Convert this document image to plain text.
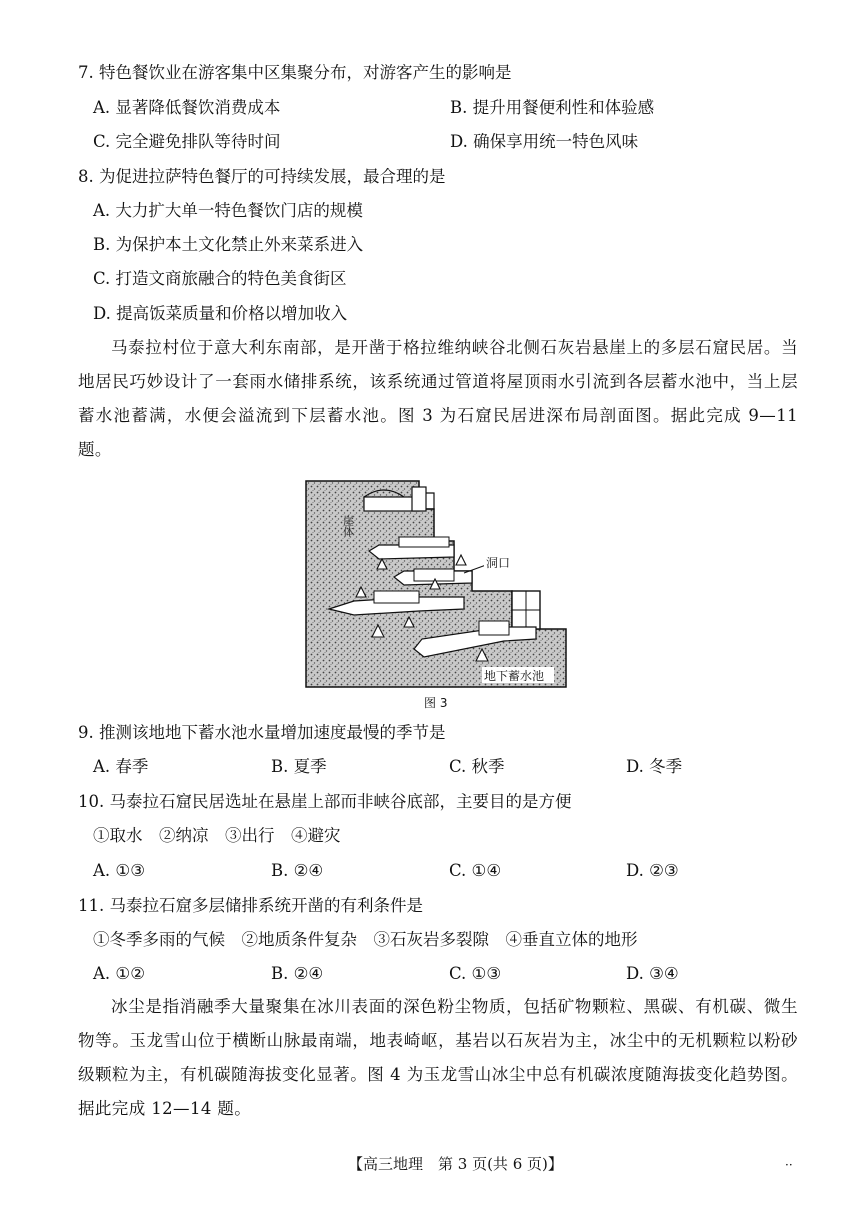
7. 特色餐饮业在游客集中区集聚分布，对游客产生的影响是
A. 显著降低餐饮消费成本	B. 提升用餐便利性和体验感
C. 完全避免排队等待时间	D. 确保享用统一特色风味
8. 为促进拉萨特色餐厅的可持续发展，最合理的是
A. 大力扩大单一特色餐饮门店的规模
B. 为保护本土文化禁止外来菜系进入
C. 打造文商旅融合的特色美食街区
D. 提高饭菜质量和价格以增加收入
马泰拉村位于意大利东南部，是开凿于格拉维纳峡谷北侧石灰岩悬崖上的多层石窟民居。当地居民巧妙设计了一套雨水储排系统，该系统通过管道将屋顶雨水引流到各层蓄水池中，当上层蓄水池蓄满，水便会溢流到下层蓄水池。图 3 为石窟民居进深布局剖面图。据此完成 9—11 题。
洞口
崖体
地下蓄水池
图 3
9. 推测该地地下蓄水池水量增加速度最慢的季节是
A. 春季	B. 夏季	C. 秋季	D. 冬季
10. 马泰拉石窟民居选址在悬崖上部而非峡谷底部，主要目的是方便
①取水　②纳凉　③出行　④避灾
A. ①③	B. ②④	C. ①④	D. ②③
11. 马泰拉石窟多层储排系统开凿的有利条件是
①冬季多雨的气候　②地质条件复杂　③石灰岩多裂隙　④垂直立体的地形
A. ①②	B. ②④	C. ①③	D. ③④
冰尘是指消融季大量聚集在冰川表面的深色粉尘物质，包括矿物颗粒、黑碳、有机碳、微生物等。玉龙雪山位于横断山脉最南端，地表崎岖，基岩以石灰岩为主，冰尘中的无机颗粒以粉砂级颗粒为主，有机碳随海拔变化显著。图 4 为玉龙雪山冰尘中总有机碳浓度随海拔变化趋势图。据此完成 12—14 题。
【高三地理　第 3 页(共 6 页)】	··
